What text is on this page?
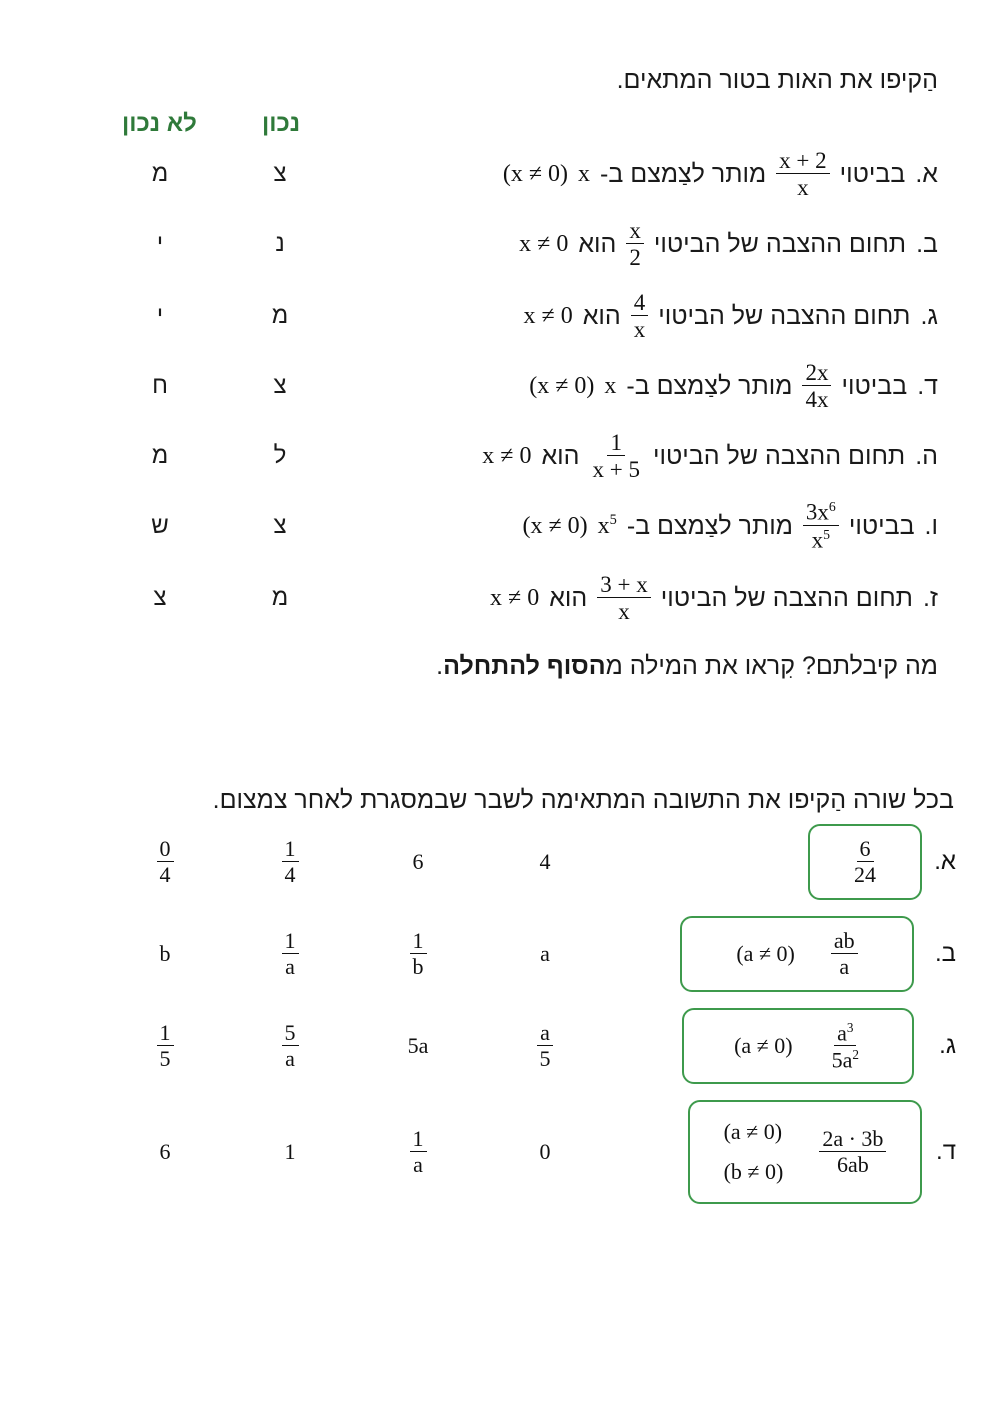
הַקיפו את האות בטור המתאים.
נכון
לא נכון
א.
בביטוי
$\frac{x + 2}{x}$
מותר לצַמצם ב-
x
(x ≠ 0)
צ
מ
ב.
תחום ההצבה של הביטוי
$\frac{x}{2}$
הוא
x ≠ 0
נ
י
ג.
תחום ההצבה של הביטוי
$\frac{4}{x}$
הוא
x ≠ 0
מ
י
ד.
בביטוי
$\frac{2x}{4x}$
מותר לצַמצם ב-
x
(x ≠ 0)
צ
ח
ה.
תחום ההצבה של הביטוי
$\frac{1}{x + 5}$
הוא
x ≠ 0
ל
מ
ו.
בביטוי
$\frac{3x^6}{x^5}$
מותר לצַמצם ב-
$x^5$
(x ≠ 0)
צ
ש
ז.
תחום ההצבה של הביטוי
$\frac{3 + x}{x}$
הוא
x ≠ 0
מ
צ
מה קיבלתם? קִראו את המילה מהסוף להתחלה.
בכל שורה הַקיפו את התשובה המתאימה לשבר שבמסגרת לאחר צמצום.
א.
$\frac{6}{24}$
4
6
$\frac{1}{4}$
$\frac{0}{4}$
ב.
$(a \ne 0) \frac{ab}{a}$
a
$\frac{1}{b}$
$\frac{1}{a}$
b
ג.
$(a \ne 0) \frac{a^3}{5a^2}$
$\frac{a}{5}$
5a
$\frac{5}{a}$
$\frac{1}{5}$
ד.
(a ≠ 0)
$(b \ne 0) \frac{2a \cdot 3b}{6ab}$
0
$\frac{1}{a}$
1
6
